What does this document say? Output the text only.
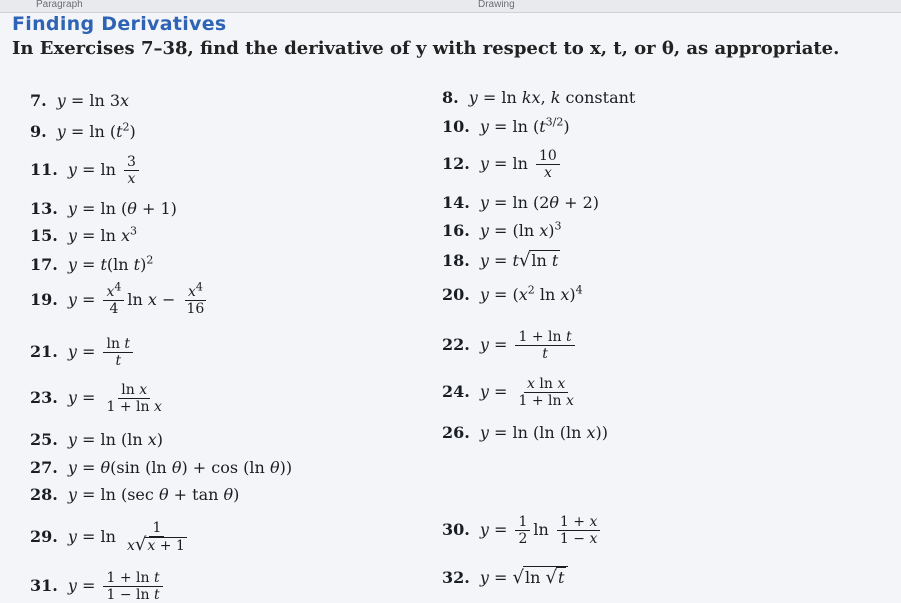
Paragraph	Drawing
Finding Derivatives
In Exercises 7–38, find the derivative of y with respect to x, t, or θ, as appropriate.
7. y = ln 3x
9. $y = \ln (t^2)$
11. $y = \ln \frac{3}{x}$
13. y = ln (θ + 1)
15. $y = \ln x^3$
17. y = t(ln t)$^2$
19. $y = \frac{x^4}{4}$ $\ln x - \frac{x^4}{16}$
21. $y = \frac{\text{ln t}}{t}$
23. $y = \frac{\text{ln x}}{\text{1 + ln x}}$
25. y = ln (ln x)
27. y = θ(sin (ln θ) + cos (ln θ))
28. y = ln (sec θ + tan θ)
29. $y = \ln \frac{1}{x√x + 1}$
31. $y = \frac{\text{1 + ln t}}{\text{1 − ln t}}$
8. y = ln kx, k constant
10. $y = \ln (t^{3/2})$
12. $y = \ln \frac{10}{x}$
14. y = ln (2θ + 2)
16. y = (ln x)$^3$
18. y = t√ln t
20. $y = (x^2$ ln x)$^4$
22. $y = \frac{\text{1 + ln t}}{t}$
24. $y = \frac{\text{x ln x}}{\text{1 + ln x}}$
26. y = ln (ln (ln x))
30. $y = \frac{1}{2}$ $\ln \frac{1 + x}{1 - x}$
32. y = √ln √t
